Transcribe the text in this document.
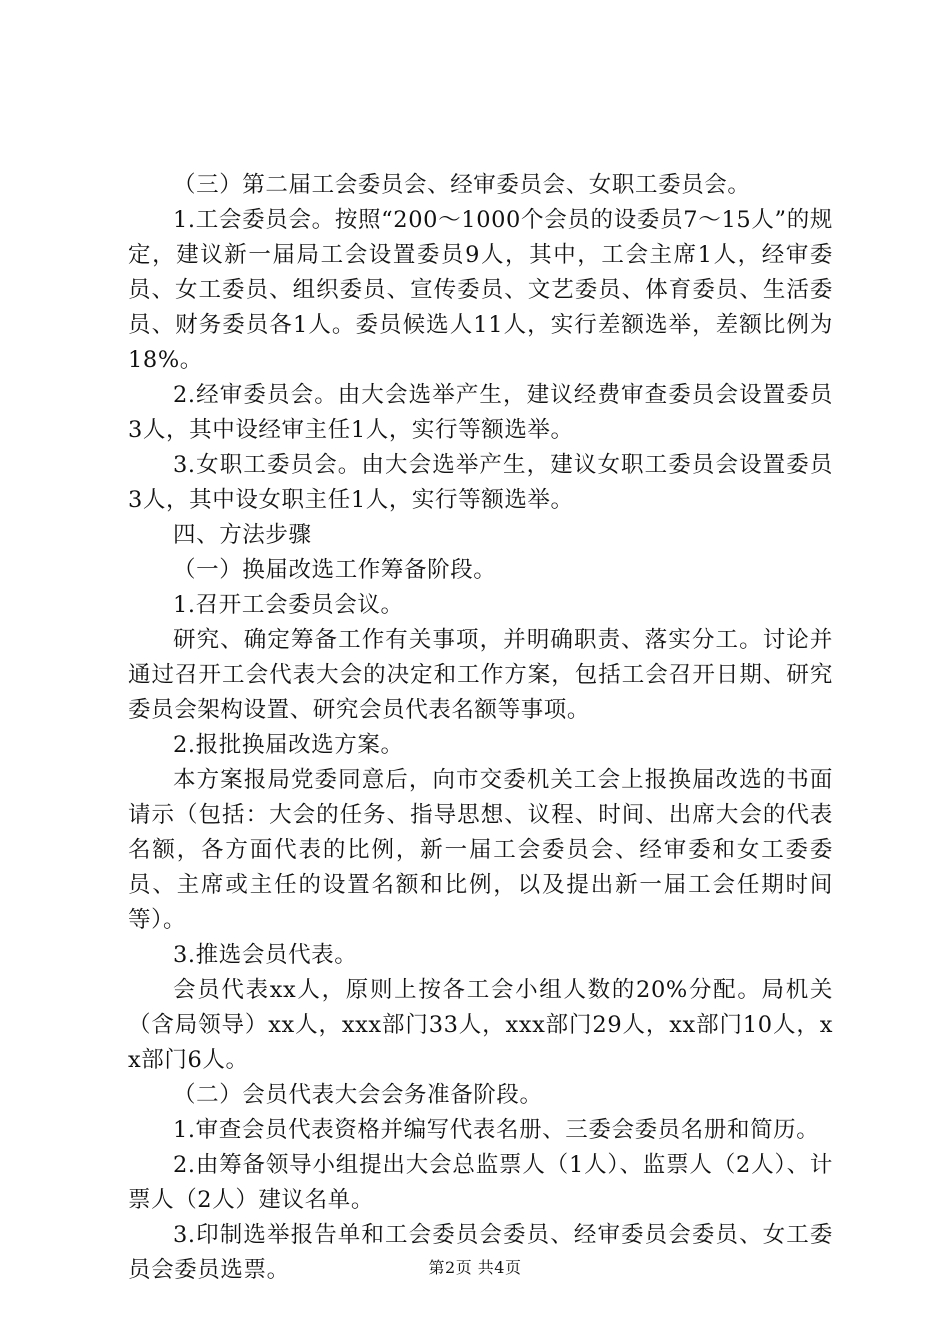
（三）第二届工会委员会、经审委员会、女职工委员会。

1.工会委员会。按照“200～1000个会员的设委员7～15人”的规定，建议新一届局工会设置委员9人，其中，工会主席1人，经审委员、女工委员、组织委员、宣传委员、文艺委员、体育委员、生活委员、财务委员各1人。委员候选人11人，实行差额选举，差额比例为18%。

2.经审委员会。由大会选举产生，建议经费审查委员会设置委员3人，其中设经审主任1人，实行等额选举。

3.女职工委员会。由大会选举产生，建议女职工委员会设置委员3人，其中设女职主任1人，实行等额选举。

四、方法步骤

（一）换届改选工作筹备阶段。

1.召开工会委员会议。

研究、确定筹备工作有关事项，并明确职责、落实分工。讨论并通过召开工会代表大会的决定和工作方案，包括工会召开日期、研究委员会架构设置、研究会员代表名额等事项。

2.报批换届改选方案。

本方案报局党委同意后，向市交委机关工会上报换届改选的书面请示（包括：大会的任务、指导思想、议程、时间、出席大会的代表名额，各方面代表的比例，新一届工会委员会、经审委和女工委委员、主席或主任的设置名额和比例，以及提出新一届工会任期时间等）。

3.推选会员代表。

会员代表xx人，原则上按各工会小组人数的20%分配。局机关（含局领导）xx人，xxx部门33人，xxx部门29人，xx部门10人，xx部门6人。

（二）会员代表大会会务准备阶段。

1.审查会员代表资格并编写代表名册、三委会委员名册和简历。

2.由筹备领导小组提出大会总监票人（1人）、监票人（2人）、计票人（2人）建议名单。

3.印制选举报告单和工会委员会委员、经审委员会委员、女工委员会委员选票。	第2页 共4页
